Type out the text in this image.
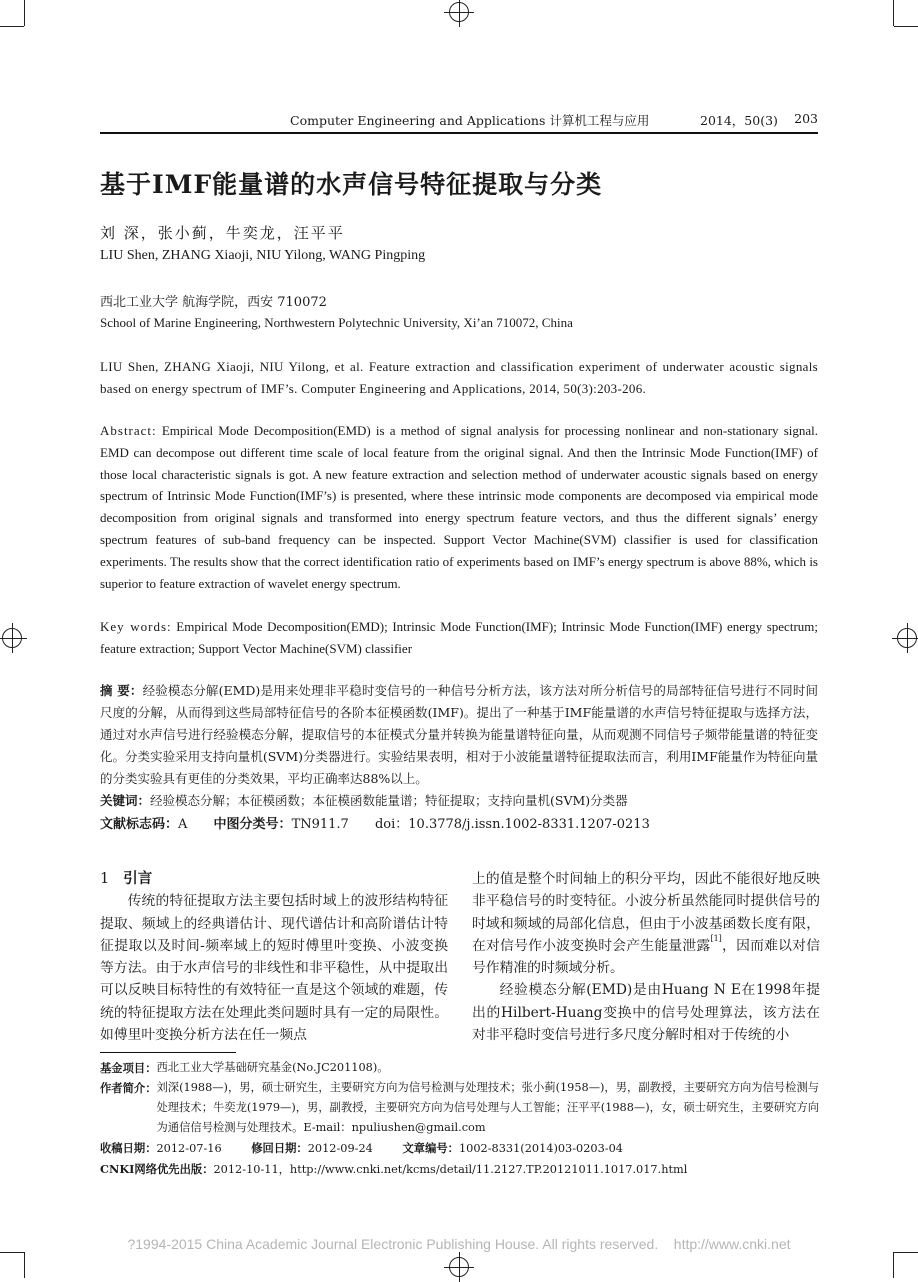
Computer Engineering and Applications 计算机工程与应用	2014，50(3) 203
基于IMF能量谱的水声信号特征提取与分类
刘 深，张小蓟，牛奕龙，汪平平
LIU Shen, ZHANG Xiaoji, NIU Yilong, WANG Pingping
西北工业大学 航海学院，西安 710072
School of Marine Engineering, Northwestern Polytechnic University, Xi’an 710072, China
LIU Shen, ZHANG Xiaoji, NIU Yilong, et al. Feature extraction and classification experiment of underwater acoustic signals based on energy spectrum of IMF’s. Computer Engineering and Applications, 2014, 50(3):203-206.
Abstract: Empirical Mode Decomposition(EMD) is a method of signal analysis for processing nonlinear and non-stationary signal. EMD can decompose out different time scale of local feature from the original signal. And then the Intrinsic Mode Function(IMF) of those local characteristic signals is got. A new feature extraction and selection method of underwater acoustic signals based on energy spectrum of Intrinsic Mode Function(IMF’s) is presented, where these intrinsic mode components are decomposed via empirical mode decomposition from original signals and transformed into energy spectrum feature vectors, and thus the different signals’ energy spectrum features of sub-band frequency can be inspected. Support Vector Machine(SVM) classifier is used for classification experiments. The results show that the correct identification ratio of experiments based on IMF’s energy spectrum is above 88%, which is superior to feature extraction of wavelet energy spectrum.
Key words: Empirical Mode Decomposition(EMD); Intrinsic Mode Function(IMF); Intrinsic Mode Function(IMF) energy spectrum; feature extraction; Support Vector Machine(SVM) classifier
摘 要：经验模态分解(EMD)是用来处理非平稳时变信号的一种信号分析方法，该方法对所分析信号的局部特征信号进行不同时间尺度的分解，从而得到这些局部特征信号的各阶本征模函数(IMF)。提出了一种基于IMF能量谱的水声信号特征提取与选择方法，通过对水声信号进行经验模态分解，提取信号的本征模式分量并转换为能量谱特征向量，从而观测不同信号子频带能量谱的特征变化。分类实验采用支持向量机(SVM)分类器进行。实验结果表明，相对于小波能量谱特征提取法而言，利用IMF能量作为特征向量的分类实验具有更佳的分类效果，平均正确率达88%以上。
关键词：经验模态分解；本征模函数；本征模函数能量谱；特征提取；支持向量机(SVM)分类器
文献标志码：A 中图分类号：TN911.7 doi：10.3778/j.issn.1002-8331.1207-0213
1 引言
传统的特征提取方法主要包括时域上的波形结构特征提取、频域上的经典谱估计、现代谱估计和高阶谱估计特征提取以及时间-频率域上的短时傅里叶变换、小波变换等方法。由于水声信号的非线性和非平稳性，从中提取出可以反映目标特性的有效特征一直是这个领域的难题，传统的特征提取方法在处理此类问题时具有一定的局限性。如傅里叶变换分析方法在任一频点
上的值是整个时间轴上的积分平均，因此不能很好地反映非平稳信号的时变特征。小波分析虽然能同时提供信号的时域和频域的局部化信息，但由于小波基函数长度有限，在对信号作小波变换时会产生能量泄露[1]，因而难以对信号作精准的时频域分析。
经验模态分解(EMD)是由Huang N E在1998年提出的Hilbert-Huang变换中的信号处理算法，该方法在对非平稳时变信号进行多尺度分解时相对于传统的小
基金项目： 西北工业大学基础研究基金(No.JC201108)。
作者简介： 刘深(1988—)，男，硕士研究生，主要研究方向为信号检测与处理技术；张小蓟(1958—)，男，副教授，主要研究方向为信号检测与处理技术；牛奕龙(1979—)，男，副教授，主要研究方向为信号处理与人工智能；汪平平(1988—)，女，硕士研究生，主要研究方向为通信信号检测与处理技术。E-mail：npuliushen@gmail.com
收稿日期：2012-07-16	修回日期：2012-09-24	文章编号：1002-8331(2014)03-0203-04
CNKI网络优先出版：2012-10-11，http://www.cnki.net/kcms/detail/11.2127.TP.20121011.1017.017.html
?1994-2015 China Academic Journal Electronic Publishing House. All rights reserved.    http://www.cnki.net
